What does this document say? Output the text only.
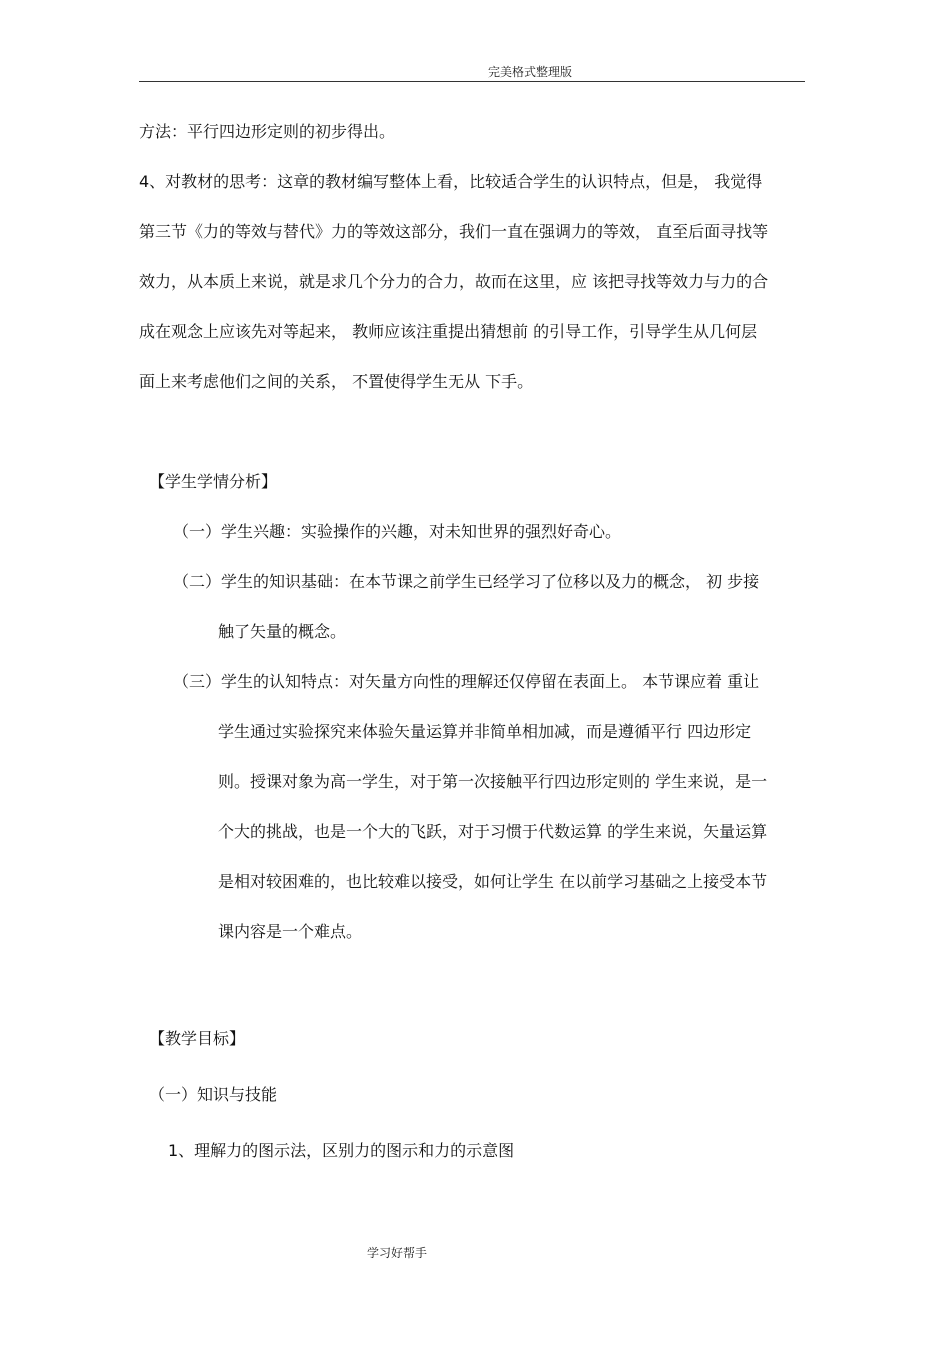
完美格式整理版
方法：平行四边形定则的初步得出。
4、对教材的思考：这章的教材编写整体上看，比较适合学生的认识特点，但是， 我觉得
第三节《力的等效与替代》力的等效这部分，我们一直在强调力的等效， 直至后面寻找等
效力，从本质上来说，就是求几个分力的合力，故而在这里，应 该把寻找等效力与力的合
成在观念上应该先对等起来， 教师应该注重提出猜想前 的引导工作，引导学生从几何层
面上来考虑他们之间的关系， 不置使得学生无从 下手。
【学生学情分析】
（一）学生兴趣：实验操作的兴趣，对未知世界的强烈好奇心。
（二）学生的知识基础：在本节课之前学生已经学习了位移以及力的概念， 初 步接
触了矢量的概念。
（三）学生的认知特点：对矢量方向性的理解还仅停留在表面上。 本节课应着 重让
学生通过实验探究来体验矢量运算并非简单相加减，而是遵循平行 四边形定
则。授课对象为高一学生，对于第一次接触平行四边形定则的 学生来说，是一
个大的挑战，也是一个大的飞跃，对于习惯于代数运算 的学生来说，矢量运算
是相对较困难的，也比较难以接受，如何让学生 在以前学习基础之上接受本节
课内容是一个难点。
【教学目标】
（一）知识与技能
1、理解力的图示法，区别力的图示和力的示意图
学习好帮手
